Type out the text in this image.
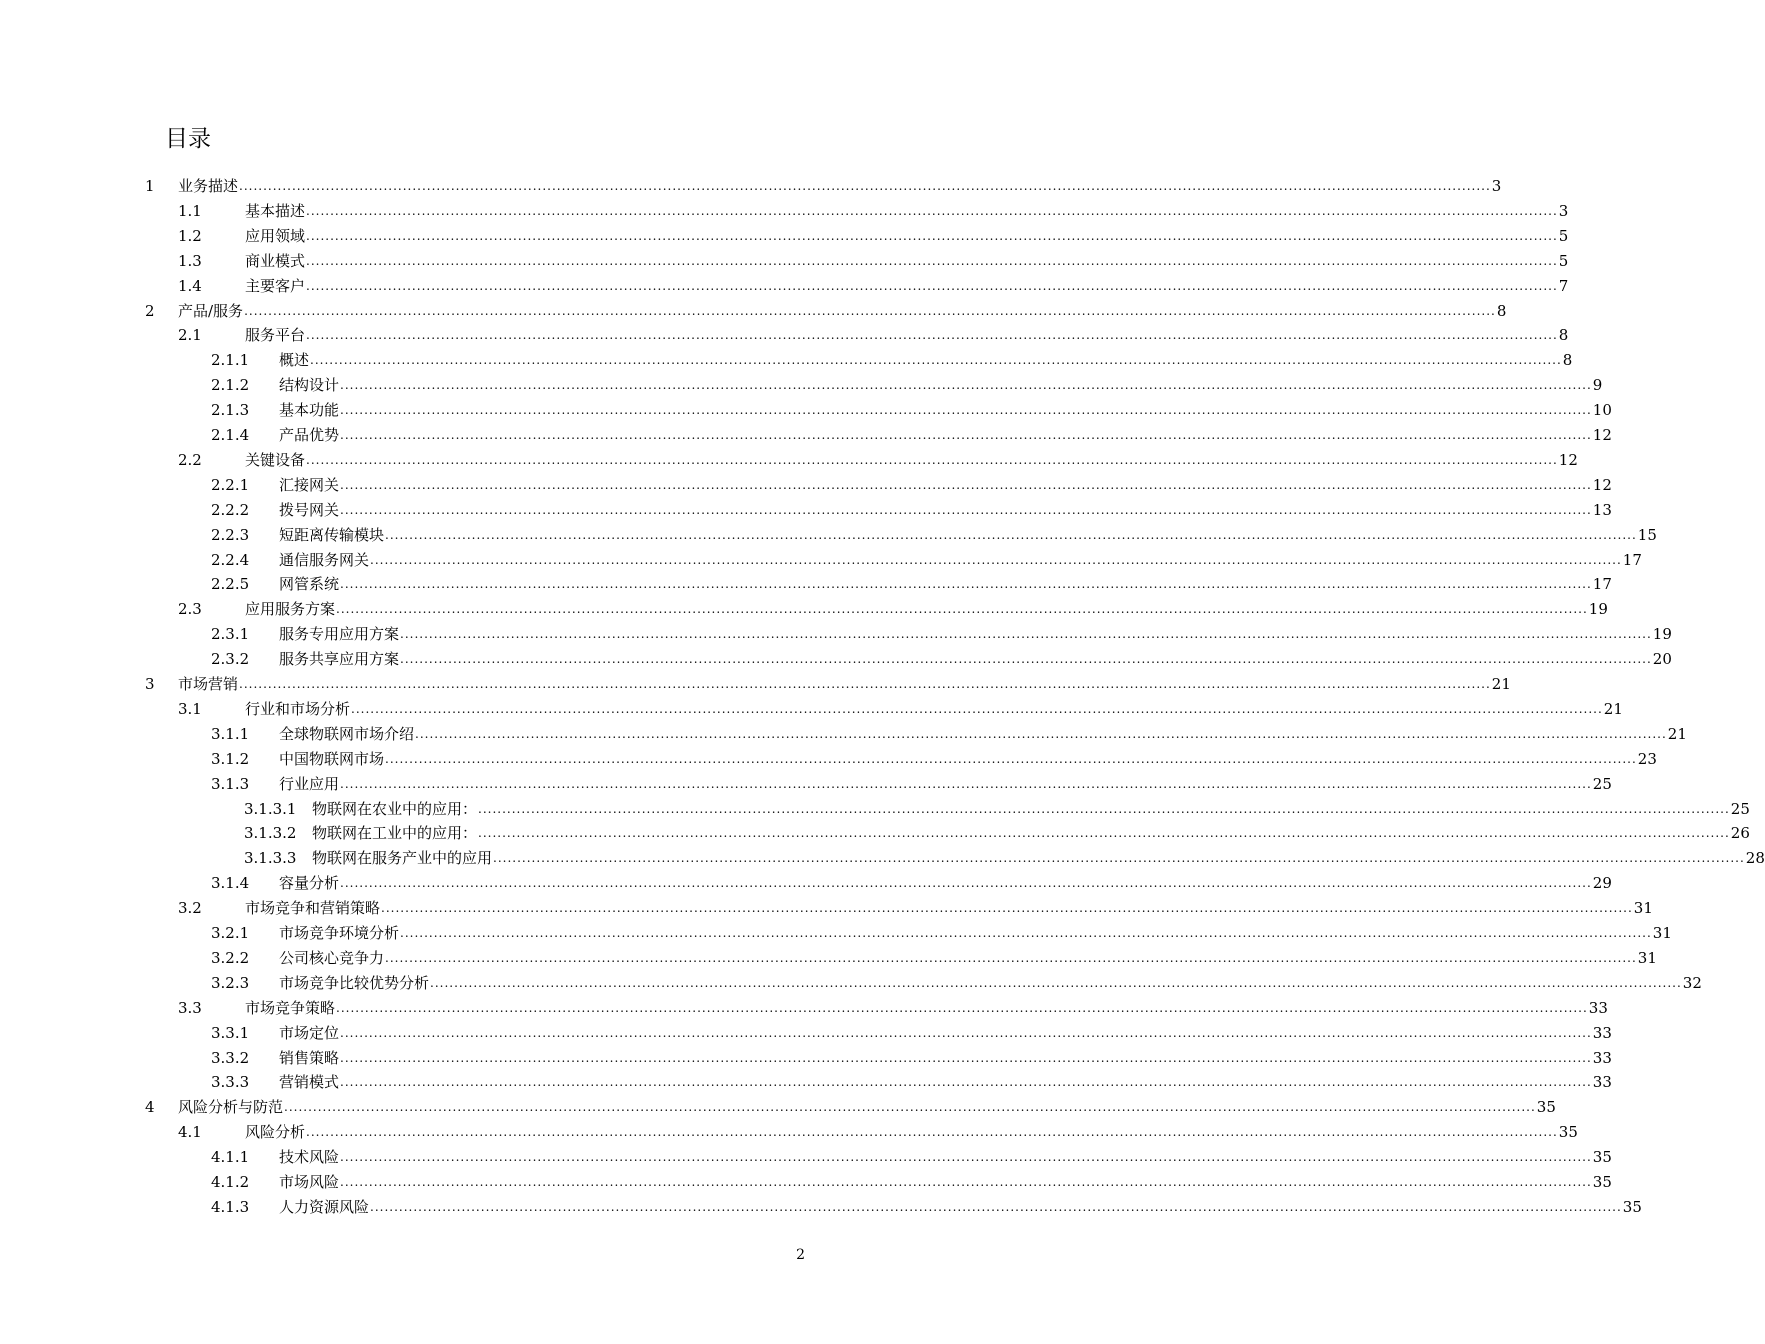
目录
1 业务描述 .................................................................................................................................................................................................................................................................... 3
1.1	基本描述 .................................................................................................................................................................................................................................................................... 3
1.2	应用领域 .................................................................................................................................................................................................................................................................... 5
1.3	商业模式 .................................................................................................................................................................................................................................................................... 5
1.4	主要客户 .................................................................................................................................................................................................................................................................... 7
2 产品/服务 .................................................................................................................................................................................................................................................................... 8
2.1	服务平台 .................................................................................................................................................................................................................................................................... 8
2.1.1 概述 .................................................................................................................................................................................................................................................................... 8
2.1.2 结构设计 .................................................................................................................................................................................................................................................................... 9
2.1.3 基本功能 .................................................................................................................................................................................................................................................................... 10
2.1.4 产品优势 .................................................................................................................................................................................................................................................................... 12
2.2	关键设备 .................................................................................................................................................................................................................................................................... 12
2.2.1 汇接网关 .................................................................................................................................................................................................................................................................... 12
2.2.2 拨号网关 .................................................................................................................................................................................................................................................................... 13
2.2.3 短距离传输模块 .................................................................................................................................................................................................................................................................... 15
2.2.4 通信服务网关 .................................................................................................................................................................................................................................................................... 17
2.2.5 网管系统 .................................................................................................................................................................................................................................................................... 17
2.3	应用服务方案 .................................................................................................................................................................................................................................................................... 19
2.3.1 服务专用应用方案 .................................................................................................................................................................................................................................................................... 19
2.3.2 服务共享应用方案 .................................................................................................................................................................................................................................................................... 20
3 市场营销 .................................................................................................................................................................................................................................................................... 21
3.1	行业和市场分析 .................................................................................................................................................................................................................................................................... 21
3.1.1 全球物联网市场介绍 .................................................................................................................................................................................................................................................................... 21
3.1.2 中国物联网市场 .................................................................................................................................................................................................................................................................... 23
3.1.3 行业应用 .................................................................................................................................................................................................................................................................... 25
3.1.3.1 物联网在农业中的应用： .................................................................................................................................................................................................................................................................... 25
3.1.3.2 物联网在工业中的应用： .................................................................................................................................................................................................................................................................... 26
3.1.3.3 物联网在服务产业中的应用 .................................................................................................................................................................................................................................................................... 28
3.1.4 容量分析 .................................................................................................................................................................................................................................................................... 29
3.2	市场竞争和营销策略 .................................................................................................................................................................................................................................................................... 31
3.2.1 市场竞争环境分析 .................................................................................................................................................................................................................................................................... 31
3.2.2 公司核心竞争力 .................................................................................................................................................................................................................................................................... 31
3.2.3 市场竞争比较优势分析 .................................................................................................................................................................................................................................................................... 32
3.3	市场竞争策略 .................................................................................................................................................................................................................................................................... 33
3.3.1 市场定位 .................................................................................................................................................................................................................................................................... 33
3.3.2 销售策略 .................................................................................................................................................................................................................................................................... 33
3.3.3 营销模式 .................................................................................................................................................................................................................................................................... 33
4 风险分析与防范 .................................................................................................................................................................................................................................................................... 35
4.1	风险分析 .................................................................................................................................................................................................................................................................... 35
4.1.1 技术风险 .................................................................................................................................................................................................................................................................... 35
4.1.2 市场风险 .................................................................................................................................................................................................................................................................... 35
4.1.3 人力资源风险 .................................................................................................................................................................................................................................................................... 35
2
